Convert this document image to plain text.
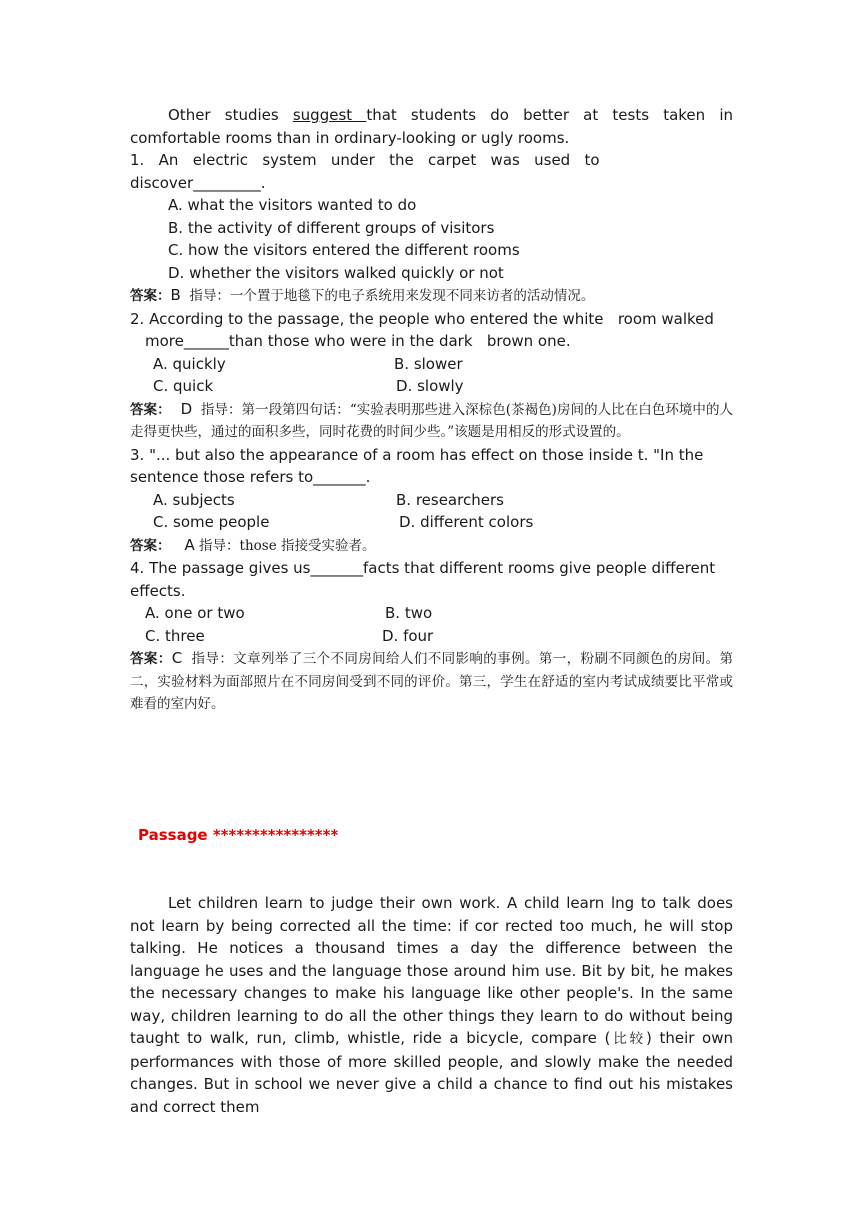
Other studies suggest that students do better at tests taken in comfortable rooms than in ordinary-looking or ugly rooms.

1.   An   electric   system   under   the   carpet   was   used   to

discover_________.

A. what the visitors wanted to do

B. the activity of different groups of visitors

C. how the visitors entered the different rooms

D. whether the visitors walked quickly or not

答案：B  指导：一个置于地毯下的电子系统用来发现不同来访者的活动情况。

2. According to the passage, the people who entered the white   room walked

more______than those who were in the dark   brown one.

A. quickly	B. slower
C. quick	D. slowly

答案： D  指导：第一段第四句话：“实验表明那些进入深棕色(茶褐色)房间的人比在白色环境中的人走得更快些，通过的面积多些，同时花费的时间少些。”该题是用相反的形式设置的。

3. "... but also the appearance of a room has effect on those inside t. "In the

sentence those refers to_______.

A. subjects	B. researchers
C. some people	D. different colors

答案： A 指导：those 指接受实验者。

4. The passage gives us_______facts that different rooms give people different

effects.

A. one or two	B. two
C. three	D. four

答案：C  指导：文章列举了三个不同房间给人们不同影响的事例。第一，粉刷不同颜色的房间。第二，实验材料为面部照片在不同房间受到不同的评价。第三，学生在舒适的室内考试成绩要比平常或难看的室内好。

Passage ****************

Let children learn to judge their own work. A child learn lng to talk does not learn by being corrected all the time: if cor rected too much, he will stop talking. He notices a thousand times a day the difference between the language he uses and the language those around him use. Bit by bit, he makes the necessary changes to make his language like other people's. In the same way, children learning to do all the other things they learn to do without being taught to walk, run, climb, whistle, ride a bicycle, compare (比较) their own performances with those of more skilled people, and slowly make the needed changes. But in school we never give a child a chance to find out his mistakes and correct them
